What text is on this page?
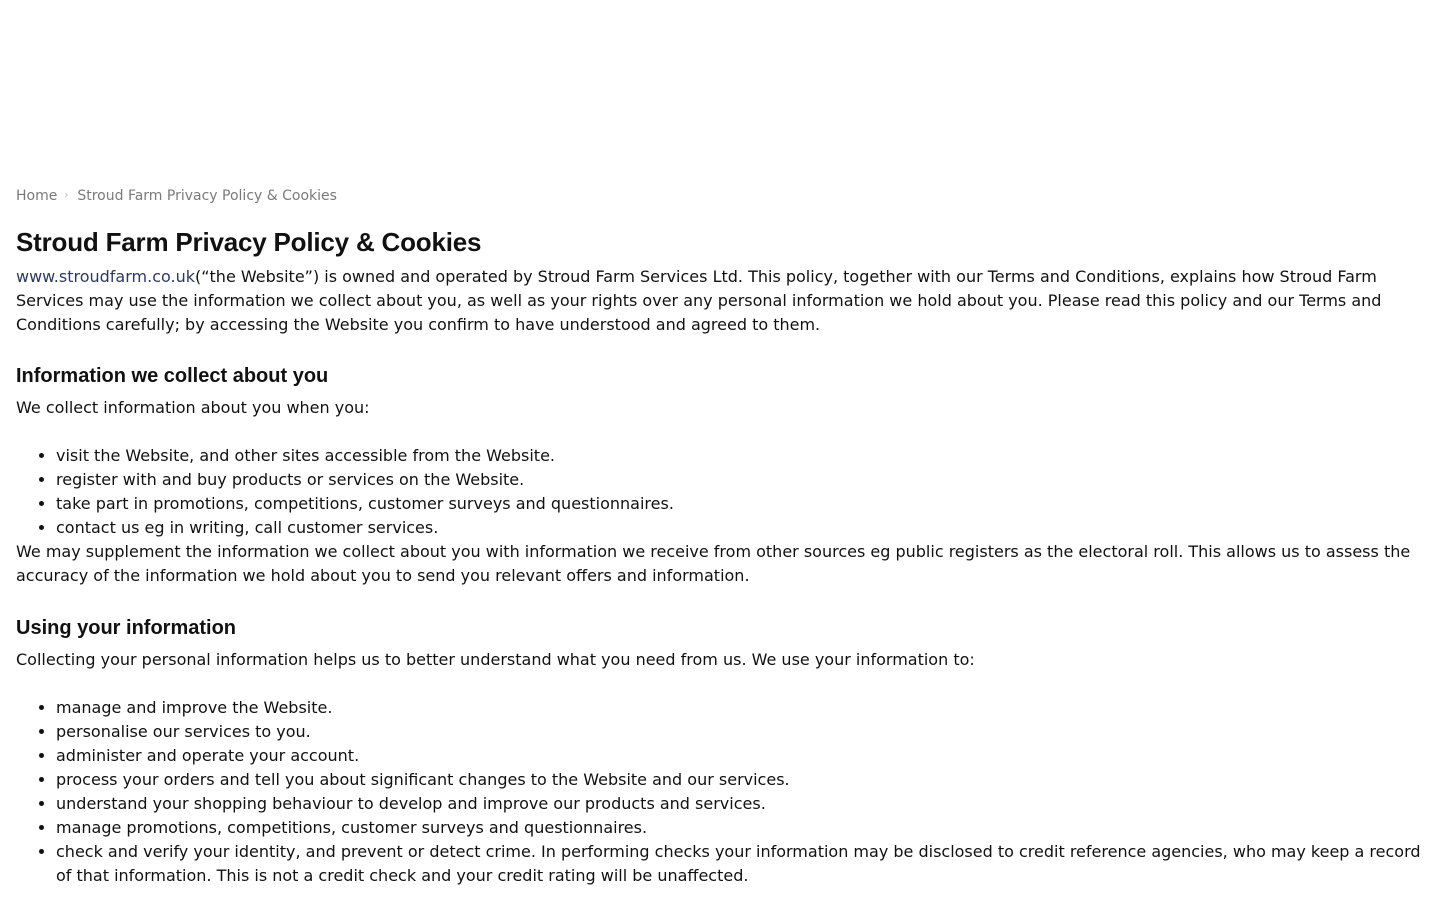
Home › Stroud Farm Privacy Policy & Cookies
Stroud Farm Privacy Policy & Cookies

www.stroudfarm.co.uk(“the Website”) is owned and operated by Stroud Farm Services Ltd. This policy, together with our Terms and Conditions, explains how Stroud Farm Services may use the information we collect about you, as well as your rights over any personal information we hold about you. Please read this policy and our Terms and Conditions carefully; by accessing the Website you confirm to have understood and agreed to them.

Information we collect about you

We collect information about you when you:

• visit the Website, and other sites accessible from the Website.
• register with and buy products or services on the Website.
• take part in promotions, competitions, customer surveys and questionnaires.
• contact us eg in writing, call customer services.

We may supplement the information we collect about you with information we receive from other sources eg public registers as the electoral roll. This allows us to assess the accuracy of the information we hold about you to send you relevant offers and information.

Using your information

Collecting your personal information helps us to better understand what you need from us. We use your information to:

• manage and improve the Website.
• personalise our services to you.
• administer and operate your account.
• process your orders and tell you about significant changes to the Website and our services.
• understand your shopping behaviour to develop and improve our products and services.
• manage promotions, competitions, customer surveys and questionnaires.
• check and verify your identity, and prevent or detect crime. In performing checks your information may be disclosed to credit reference agencies, who may keep a record of that information. This is not a credit check and your credit rating will be unaffected.
